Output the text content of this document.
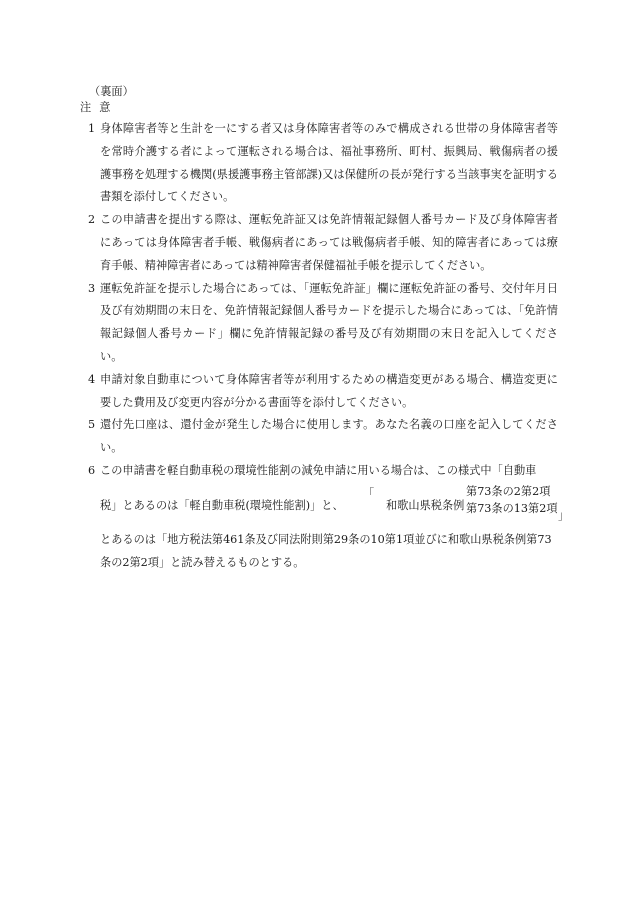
（裏面）
注意
1 身体障害者等と生計を一にする者又は身体障害者等のみで構成される世帯の身体障害者等を常時介護する者によって運転される場合は、福祉事務所、町村、振興局、戦傷病者の援護事務を処理する機関(県援護事務主管部課)又は保健所の長が発行する当該事実を証明する書類を添付してください。
2 この申請書を提出する際は、運転免許証又は免許情報記録個人番号カード及び身体障害者にあっては身体障害者手帳、戦傷病者にあっては戦傷病者手帳、知的障害者にあっては療育手帳、精神障害者にあっては精神障害者保健福祉手帳を提示してください。
3 運転免許証を提示した場合にあっては、「運転免許証」欄に運転免許証の番号、交付年月日及び有効期間の末日を、免許情報記録個人番号カードを提示した場合にあっては、「免許情報記録個人番号カード」欄に免許情報記録の番号及び有効期間の末日を記入してください。
4 申請対象自動車について身体障害者等が利用するための構造変更がある場合、構造変更に要した費用及び変更内容が分かる書面等を添付してください。
5 還付先口座は、還付金が発生した場合に使用します。あなた名義の口座を記入してください。
6 この申請書を軽自動車税の環境性能割の減免申請に用いる場合は、この様式中「自動車
税」とあるのは「軽自動車税(環境性能割)」と、
「
和歌山県税条例
第73条の2第2項
第73条の13第2項
」
とあるのは「地方税法第461条及び同法附則第29条の10第1項並びに和歌山県税条例第73条の2第2項」と読み替えるものとする。
